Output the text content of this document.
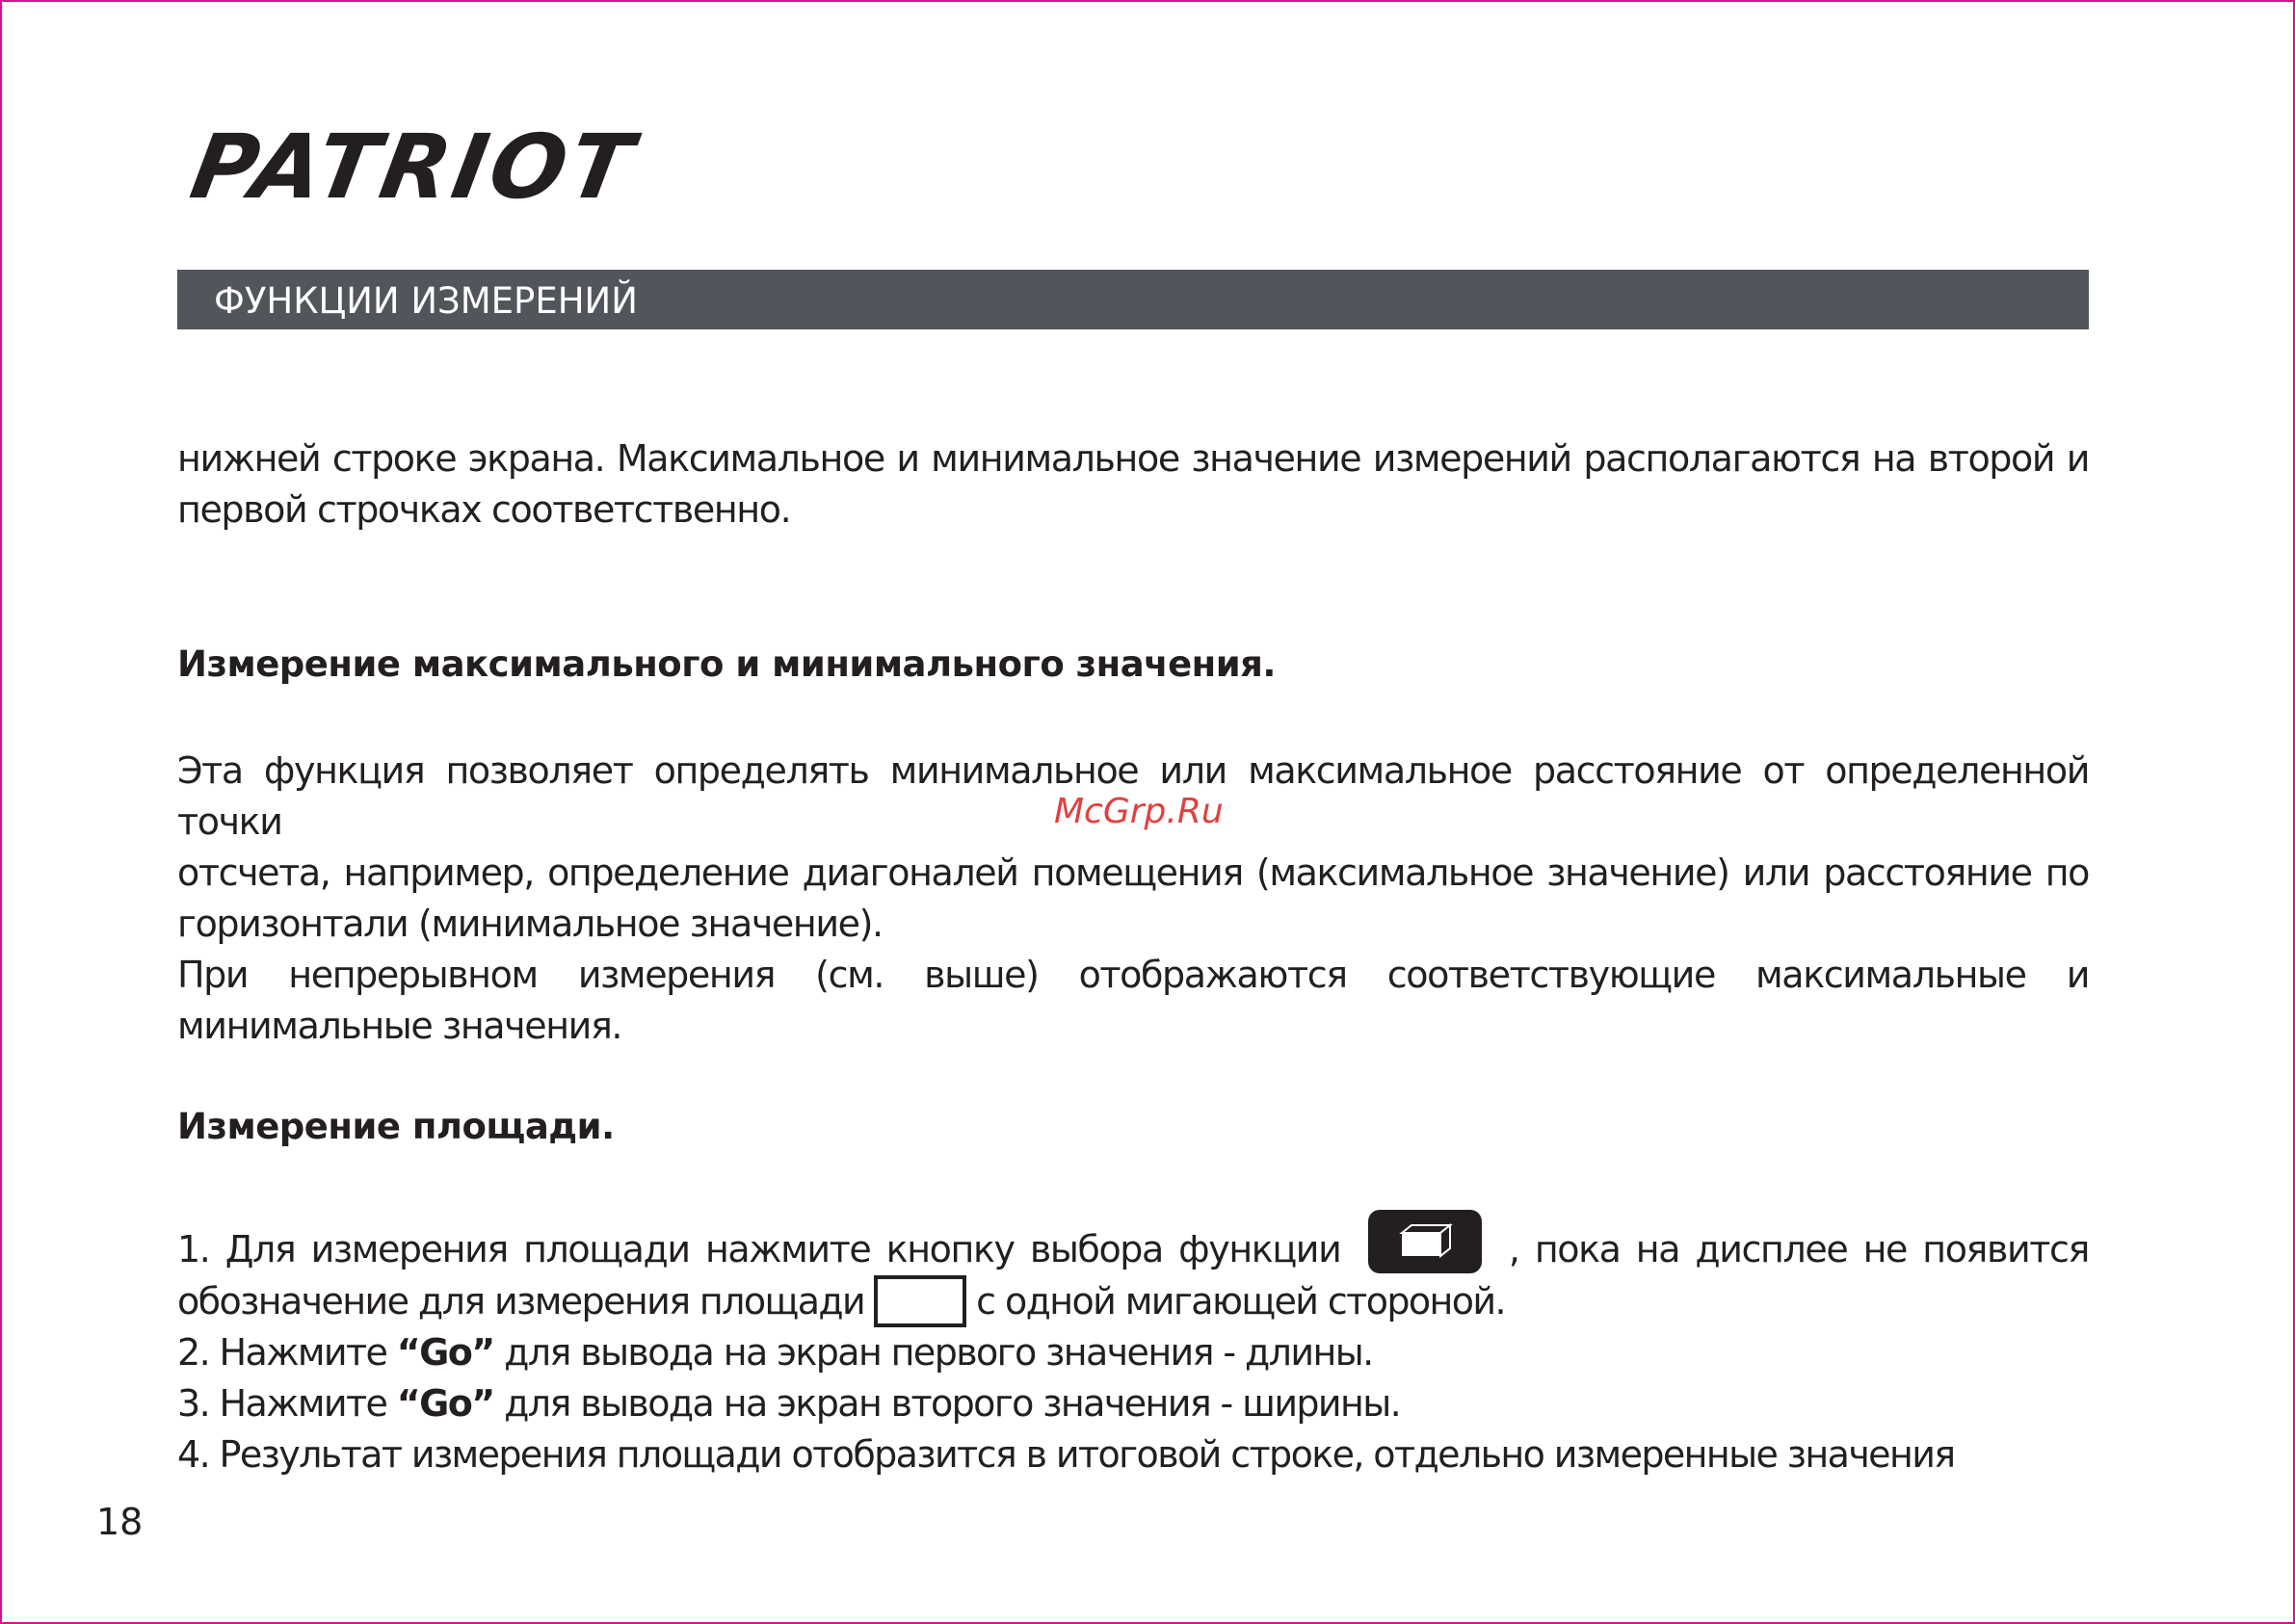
PATRIOT
ФУНКЦИИ ИЗМЕРЕНИЙ
нижней строке экрана. Максимальное и минимальное значение измерений располагаются на второй и
первой строчках соответственно.
Измерение максимального и минимального значения.
Эта функция позволяет определять минимальное или максимальное расстояние от определенной точки
отсчета, например, определение диагоналей помещения (максимальное значение) или расстояние по
горизонтали (минимальное значение).
При непрерывном измерения (см. выше) отображаются соответствующие максимальные и
минимальные значения.
McGrp.Ru
Измерение площади.
1. Для измерения площади нажмите кнопку выбора функции	, пока на дисплее не появится
обозначение для измерения площади	с одной мигающей стороной.
2. Нажмите “Go” для вывода на экран первого значения - длины.
3. Нажмите “Go” для вывода на экран второго значения - ширины.
4. Результат измерения площади отобразится в итоговой строке, отдельно измеренные значения
18
